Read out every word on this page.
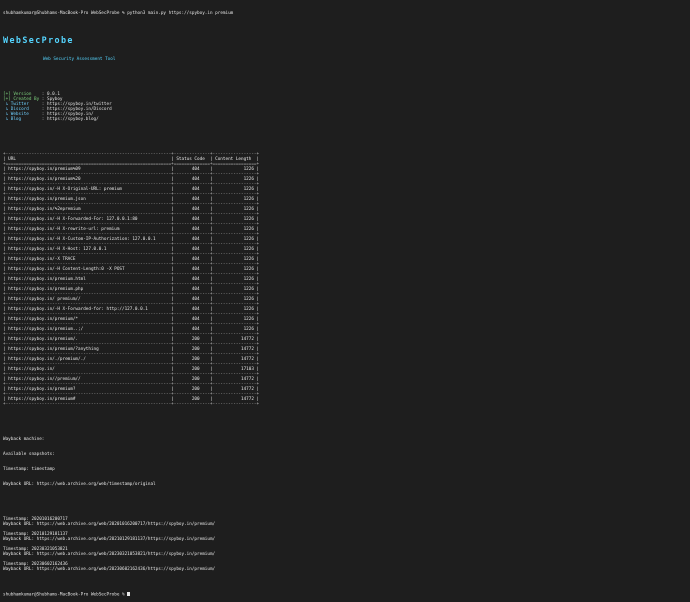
shubhamkumar@Shubhams-MacBook-Pro WebSecProbe % python3 main.py https://spyboy.in premium

WebSecProbe

Web Security Assessment Tool

[+] Version    : 0.0.1
[+] Created By : Spyboy
↳ Twitter     : https://spyboy.in/twitter
↳ Discord     : https://spyboy.in/Discord
↳ Website     : https://spyboy.in/
↳ Blog        : https://spyboy.blog/

+----------------------------------------------------------------+--------------+-----------------+
| URL                                                            | Status Code  | Content Length  |
+================================================================+==============+=================+
| https://spyboy.in/premium%09                                   |       404    |            1226 |
+----------------------------------------------------------------+--------------+-----------------+
| https://spyboy.in/premium%20                                   |       404    |            1226 |
+----------------------------------------------------------------+--------------+-----------------+
| https://spyboy.in/-H X-Original-URL: premium                   |       404    |            1226 |
+----------------------------------------------------------------+--------------+-----------------+
| https://spyboy.in/premium.json                                 |       404    |            1226 |
+----------------------------------------------------------------+--------------+-----------------+
| https://spyboy.in/%2epremium                                   |       404    |            1226 |
+----------------------------------------------------------------+--------------+-----------------+
| https://spyboy.in/-H X-Forwarded-For: 127.0.0.1:80             |       404    |            1226 |
+----------------------------------------------------------------+--------------+-----------------+
| https://spyboy.in/-H X-rewrite-url: premium                    |       404    |            1226 |
+----------------------------------------------------------------+--------------+-----------------+
| https://spyboy.in/-H X-Custom-IP-Authorization: 127.0.0.1      |       404    |            1226 |
+----------------------------------------------------------------+--------------+-----------------+
| https://spyboy.in/-H X-Host: 127.0.0.1                         |       404    |            1226 |
+----------------------------------------------------------------+--------------+-----------------+
| https://spyboy.in/-X TRACE                                     |       404    |            1226 |
+----------------------------------------------------------------+--------------+-----------------+
| https://spyboy.in/-H Content-Length:0 -X POST                  |       404    |            1226 |
+----------------------------------------------------------------+--------------+-----------------+
| https://spyboy.in/premium.html                                 |       404    |            1226 |
+----------------------------------------------------------------+--------------+-----------------+
| https://spyboy.in/premium.php                                  |       404    |            1226 |
+----------------------------------------------------------------+--------------+-----------------+
| https://spyboy.in/ premium//                                   |       404    |            1226 |
+----------------------------------------------------------------+--------------+-----------------+
| https://spyboy.in/-H X-Forwarded-for: http://127.0.0.1         |       404    |            1226 |
+----------------------------------------------------------------+--------------+-----------------+
| https://spyboy.in/premium/*                                    |       404    |            1226 |
+----------------------------------------------------------------+--------------+-----------------+
| https://spyboy.in/premium..;/                                  |       404    |            1226 |
+----------------------------------------------------------------+--------------+-----------------+
| https://spyboy.in/premium/.                                    |       200    |           14772 |
+----------------------------------------------------------------+--------------+-----------------+
| https://spyboy.in/premium/?anything                            |       200    |           14772 |
+----------------------------------------------------------------+--------------+-----------------+
| https://spyboy.in/./premium/./                                 |       200    |           14772 |
+----------------------------------------------------------------+--------------+-----------------+
| https://spyboy.in/                                             |       200    |           17103 |
+----------------------------------------------------------------+--------------+-----------------+
| https://spyboy.in//premium//                                   |       200    |           14772 |
+----------------------------------------------------------------+--------------+-----------------+
| https://spyboy.in/premium?                                     |       200    |           14772 |
+----------------------------------------------------------------+--------------+-----------------+
| https://spyboy.in/premium#                                     |       200    |           14772 |
+----------------------------------------------------------------+--------------+-----------------+

Wayback machine:

Available snapshots:

Timestamp: timestamp

Wayback URL: https://web.archive.org/web/timestamp/original

Timestamp: 20201016200717
Wayback URL: https://web.archive.org/web/20201016200717/https://spyboy.in/premium/
Timestamp: 20210129181137
Wayback URL: https://web.archive.org/web/20210129181137/https://spyboy.in/premium/
Timestamp: 20230321053821
Wayback URL: https://web.archive.org/web/20230321053821/https://spyboy.in/premium/
Timestamp: 20230602162436
Wayback URL: https://web.archive.org/web/20230602162436/https://spyboy.in/premium/

shubhamkumar@Shubhams-MacBook-Pro WebSecProbe %
